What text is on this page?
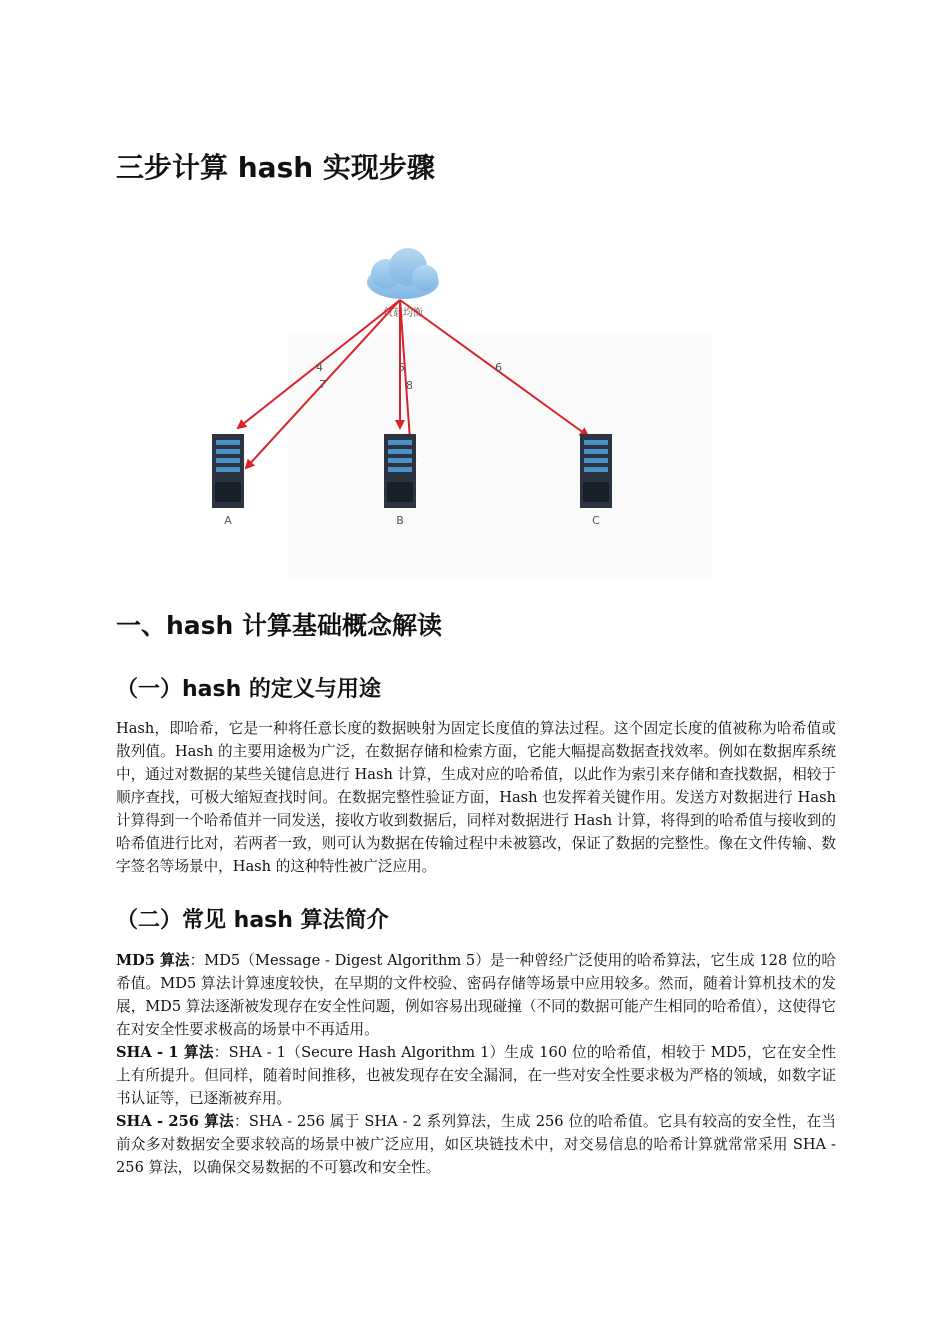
三步计算 hash 实现步骤
负载均衡
4
7
5
8
6
A	B	C
一、hash 计算基础概念解读
（一）hash 的定义与用途

Hash，即哈希，它是一种将任意长度的数据映射为固定长度值的算法过程。这个固定长度的值被称为哈希值或散列值。Hash 的主要用途极为广泛，在数据存储和检索方面，它能大幅提高数据查找效率。例如在数据库系统中，通过对数据的某些关键信息进行 Hash 计算，生成对应的哈希值，以此作为索引来存储和查找数据，相较于顺序查找，可极大缩短查找时间。在数据完整性验证方面，Hash 也发挥着关键作用。发送方对数据进行 Hash 计算得到一个哈希值并一同发送，接收方收到数据后，同样对数据进行 Hash 计算，将得到的哈希值与接收到的哈希值进行比对，若两者一致，则可认为数据在传输过程中未被篡改，保证了数据的完整性。像在文件传输、数字签名等场景中，Hash 的这种特性被广泛应用。

（二）常见 hash 算法简介

MD5 算法：MD5（Message - Digest Algorithm 5）是一种曾经广泛使用的哈希算法，它生成 128 位的哈希值。MD5 算法计算速度较快，在早期的文件校验、密码存储等场景中应用较多。然而，随着计算机技术的发展，MD5 算法逐渐被发现存在安全性问题，例如容易出现碰撞（不同的数据可能产生相同的哈希值），这使得它在对安全性要求极高的场景中不再适用。

SHA - 1 算法：SHA - 1（Secure Hash Algorithm 1）生成 160 位的哈希值，相较于 MD5，它在安全性上有所提升。但同样，随着时间推移，也被发现存在安全漏洞，在一些对安全性要求极为严格的领域，如数字证书认证等，已逐渐被弃用。

SHA - 256 算法：SHA - 256 属于 SHA - 2 系列算法，生成 256 位的哈希值。它具有较高的安全性，在当前众多对数据安全要求较高的场景中被广泛应用，如区块链技术中，对交易信息的哈希计算就常常采用 SHA - 256 算法，以确保交易数据的不可篡改和安全性。
